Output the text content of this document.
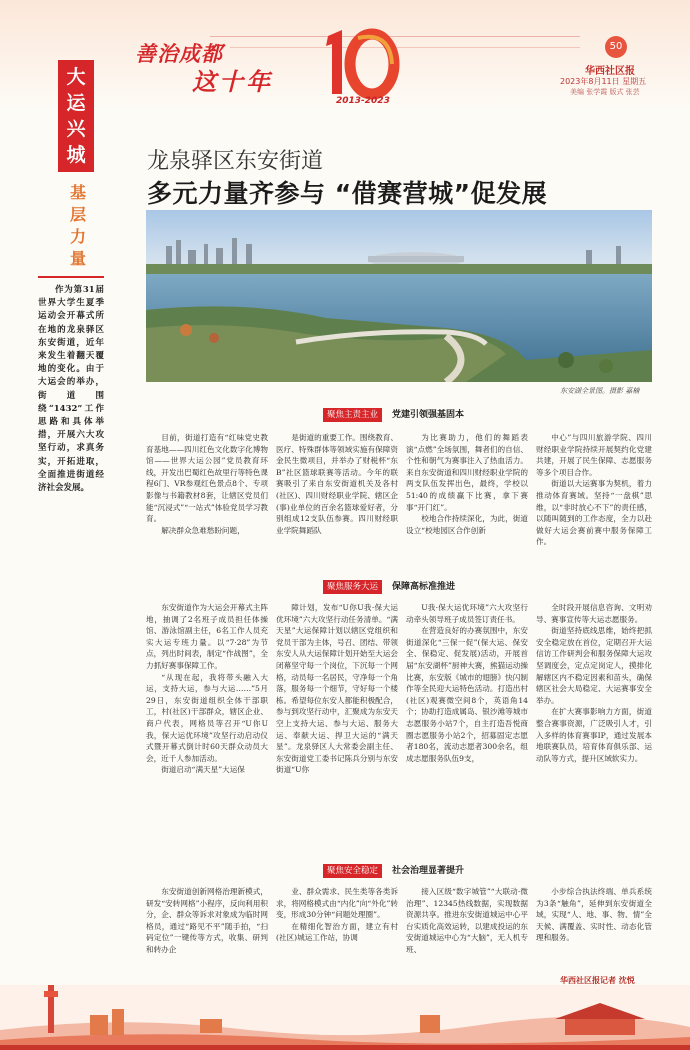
善治成都
这十年
2013-2023
50
华西社区报
2023年8月11日 星期五
美编 张学霞 版式 张芸
大
运
兴
城
基
层
力
量
作为第31届世界大学生夏季运动会开幕式所在地的龙泉驿区东安街道，近年来发生着翻天覆地的变化。由于大运会的举办，街道围绕“1432”工作思路和具体举措，开展六大攻坚行动，求真务实，开拓进取，全面推进街道经济社会发展。
龙泉驿区东安街道
多元力量齐参与 “借赛营城”促发展
东安湖全景图。摄影 嘉楠
聚焦主责主业	党建引领强基固本

目前，街道打造有“红味党史教育基地——四川红色文化数字化博物馆——世界大运公园”党员教育环线，开发出巴蜀红色故里行等特色课程6门、VR参观红色景点8个、专项影像与书籍教材8套，让辖区党员们能“沉浸式”“一站式”体验党员学习教育。

解决群众急难愁盼问题，

是街道的重要工作。围绕教育、医疗、特殊群体等领域实施有保障资金民生微项目，并举办了财税杯“东B”社区篮球联赛等活动。今年的联赛吸引了来自东安街道机关及各村(社区)、四川财经职业学院、辖区企(事)业单位的百余名篮球爱好者，分别组成12支队伍参赛。四川财经职业学院舞蹈队

为比赛助力，他们的舞蹈表演“点燃”全场氛围，舞者们的自信、个性和朝气为赛事注入了热血活力。来自东安街道和四川财经职业学院的两支队伍发挥出色，最终，学校以51:40的成绩赢下比赛，拿下赛事“开门红”。

校地合作持续深化，为此，街道设立“校地园区合作创新

中心”与四川旅游学院、四川财经职业学院持续开展契约化党建共建，开展了民生保障、志愿服务等多个项目合作。

街道以大运赛事为契机，着力推动体育赛域。坚持“一盘棋”思维，以“非时放心不下”的责任感，以随叫随到的工作态度，全力以赴做好大运会赛前赛中服务保障工作。

聚焦服务大运	保障高标准推进

东安街道作为大运会开幕式主阵地，抽调了2名班子成员担任体操馆、游泳馆副主任，6名工作人员充实大运专班力量。以“7·28”为节点，列出时间表，制定“作战图”，全力抓好赛事保障工作。

“从现在起，我将带头融入大运，支持大运，参与大运……”5月29日，东安街道组织全体干部职工，村(社区)干部群众，辖区企业、商户代表，网格员等召开“U你U我，保大运优环境”攻坚行动启动仪式暨开幕式倒计时60天群众动员大会，近千人参加活动。

街道启动“满天星”大运保

障计划，发布“U你U我·保大运优环境”六大攻坚行动任务清单。“满天星”大运保障计划以辖区党组织和党员干部为主体，号召、团结、带领东安人从大运保障计划开始至大运会闭幕坚守每一个岗位，下沉每一个网格，动员每一名居民，守净每一个角落，服务每一个细节，守好每一个楼栋。希望每位东安人都能积极配合，参与到攻坚行动中，汇聚成为东安天空上支持大运、参与大运、服务大运、奉献大运、捍卫大运的“满天星”。龙泉驿区人大常委会副主任、东安街道党工委书记陈兵分别与东安街道“U你

U我·保大运优环境”六大攻坚行动牵头领导班子成员签订责任书。

在营造良好的办赛氛围中，东安街道深化“三保一促”(保大运、保安全、保稳定、促发展)活动，开展首届“东安湖杯”厨神大赛，熊猫运动操比赛，东安版《城市的翅膀》快闪制作等全民迎大运特色活动。打造出村(社区)观赛微空间8个，英语角14个；协助打造成属岛、银沙滩等城市志愿服务小站7个，自主打造吾悦商圈志愿服务小站2个，招募固定志愿者180名，流动志愿者300余名，组成志愿服务队伍9支，

全时段开展信息咨询、文明劝导、赛事宣传等大运志愿服务。

街道坚持底线思维，始终把抓安全稳定放在首位，定期召开大运信访工作研判会和服务保障大运攻坚调度会，定点定岗定人，摸排化解辖区内不稳定因素和苗头，确保辖区社会大局稳定、大运赛事安全举办。

在扩大赛事影响力方面，街道整合赛事资源，广泛吸引人才，引入多样的体育赛事IP，通过发展本地联赛队员，培育体育俱乐部、运动队等方式，提升区域软实力。

聚焦安全稳定	社会治理显著提升

东安街道创新网格治理新模式，研发“安转网格”小程序，反向利用积分，企、群众等诉求对象成为临时网格员，通过“路见不平”随手拍，“扫码定位”一键传等方式，收集、研判和转办企

业、群众需求、民生类等各类诉求，将网格模式由“内化”向“外化”转变，形成30分钟“问题处理圈”。

在精细化智治方面，建立有村(社区)城运工作站，协调

接入区级“数字城管”“大联动·微治理”、12345热线数据，实现数据资源共享。推进东安街道城运中心平台实质化高效运转，以建成投运的东安街道城运中心为“大脑”，无人机专班、

小步综合执法终端、单兵系统为3条“触角”，延伸到东安街道全域，实现“人、地、事、物、情”全天候、满覆盖、实时性、动态化管理和服务。

华西社区报记者 沈悦
